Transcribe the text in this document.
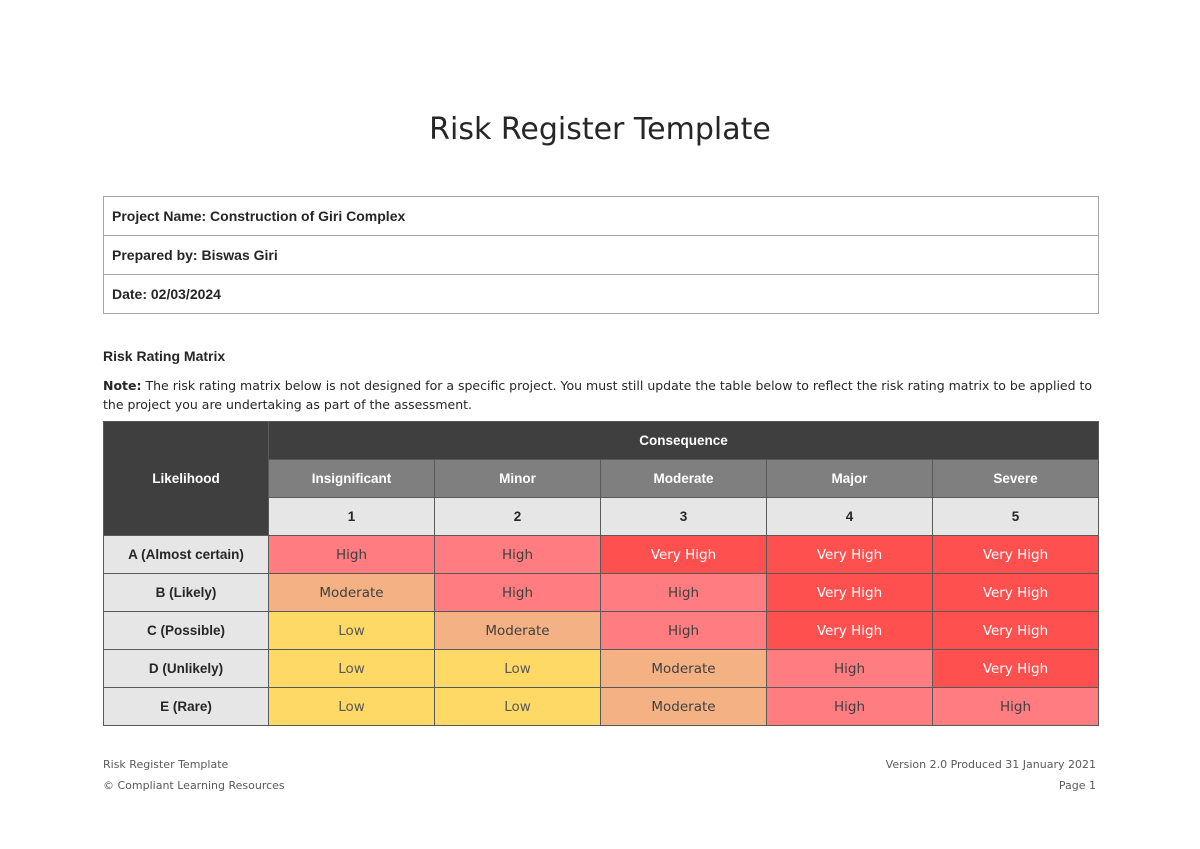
Risk Register Template
Project Name: Construction of Giri Complex
Prepared by: Biswas Giri
Date: 02/03/2024
Risk Rating Matrix
Note: The risk rating matrix below is not designed for a specific project. You must still update the table below to reflect the risk rating matrix to be applied to the project you are undertaking as part of the assessment.
Likelihood	Consequence				
	Insignificant	Minor	Moderate	Major	Severe
	1	2	3	4	5
A (Almost certain)	High	High	Very High	Very High	Very High
B (Likely)	Moderate	High	High	Very High	Very High
C (Possible)	Low	Moderate	High	Very High	Very High
D (Unlikely)	Low	Low	Moderate	High	Very High
E (Rare)	Low	Low	Moderate	High	High
Risk Register Template
© Compliant Learning Resources
Version 2.0 Produced 31 January 2021
Page 1
